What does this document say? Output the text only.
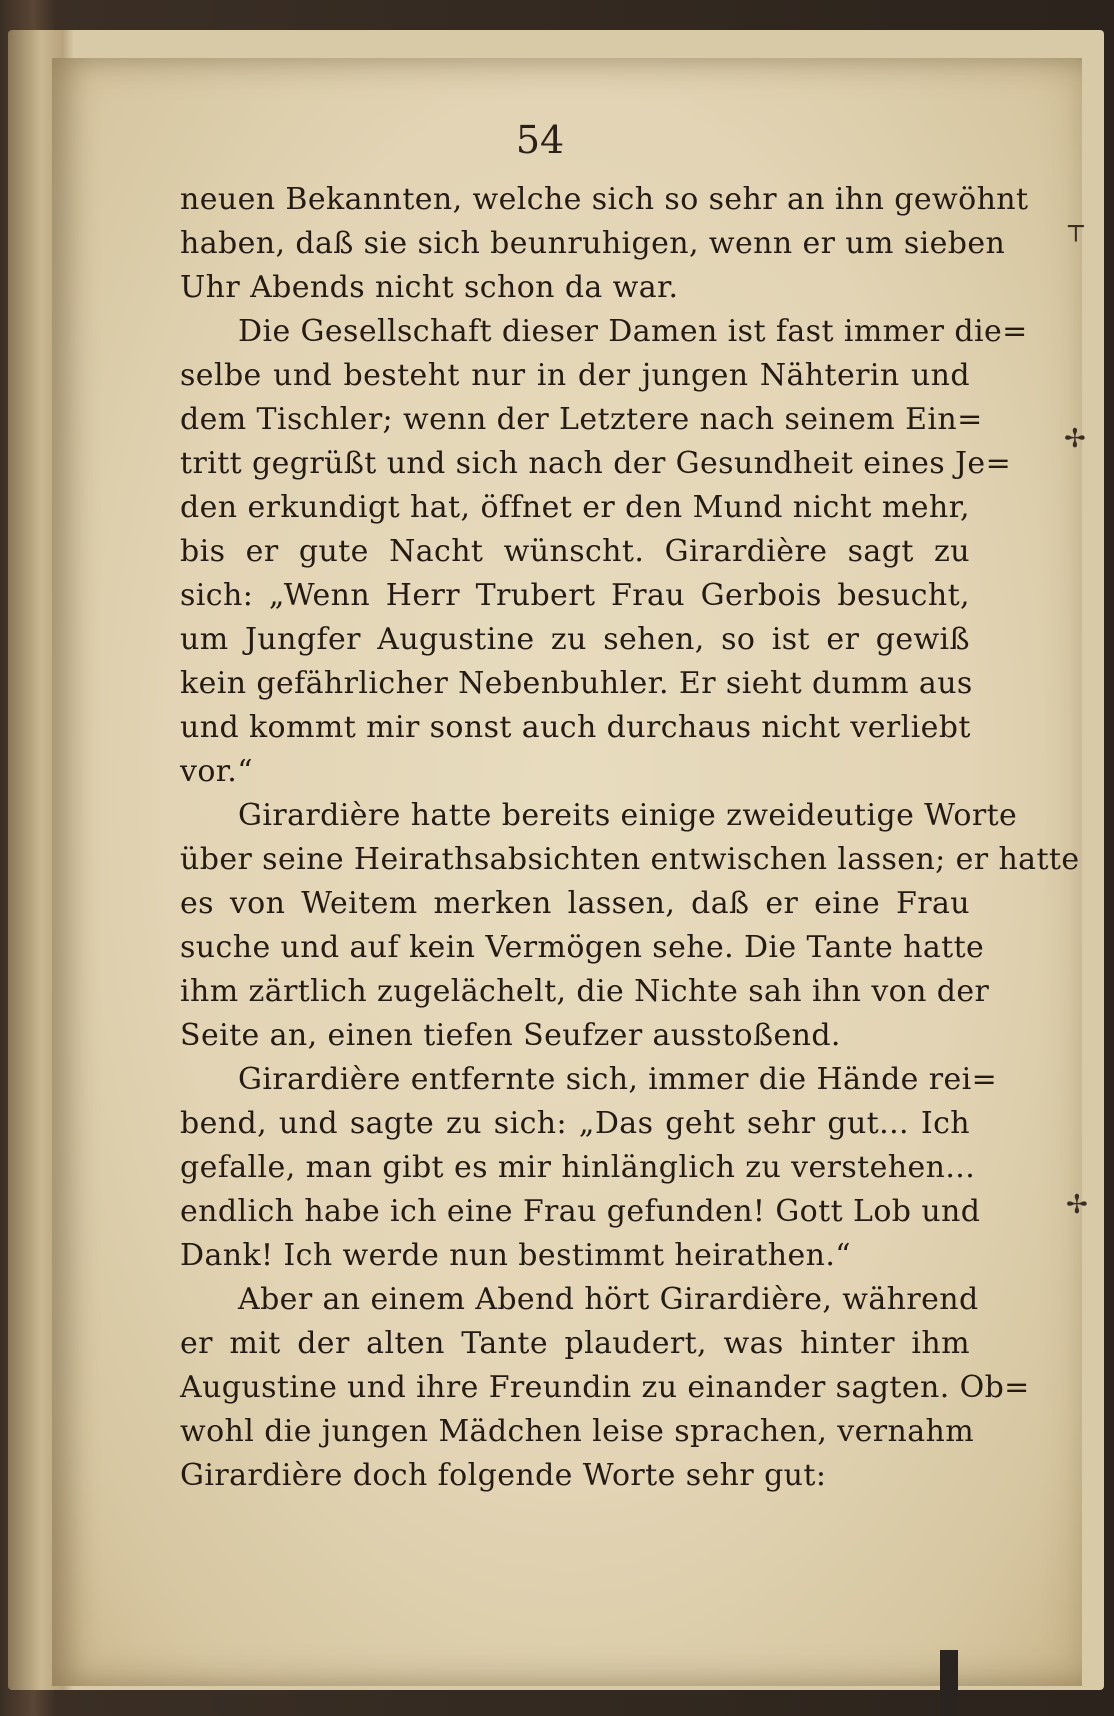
54
neuen Bekannten, welche sich so sehr an ihn gewöhnt
haben, daß sie sich beunruhigen, wenn er um sieben
Uhr Abends nicht schon da war.
Die Gesellschaft dieser Damen ist fast immer die=
selbe und besteht nur in der jungen Nähterin und
dem Tischler; wenn der Letztere nach seinem Ein=
tritt gegrüßt und sich nach der Gesundheit eines Je=
den erkundigt hat, öffnet er den Mund nicht mehr,
bis er gute Nacht wünscht. Girardière sagt zu
sich: „Wenn Herr Trubert Frau Gerbois besucht,
um Jungfer Augustine zu sehen, so ist er gewiß
kein gefährlicher Nebenbuhler. Er sieht dumm aus
und kommt mir sonst auch durchaus nicht verliebt
vor.“
Girardière hatte bereits einige zweideutige Worte
über seine Heirathsabsichten entwischen lassen; er hatte
es von Weitem merken lassen, daß er eine Frau
suche und auf kein Vermögen sehe. Die Tante hatte
ihm zärtlich zugelächelt, die Nichte sah ihn von der
Seite an, einen tiefen Seufzer ausstoßend.
Girardière entfernte sich, immer die Hände rei=
bend, und sagte zu sich: „Das geht sehr gut... Ich
gefalle, man gibt es mir hinlänglich zu verstehen...
endlich habe ich eine Frau gefunden! Gott Lob und
Dank! Ich werde nun bestimmt heirathen.“
Aber an einem Abend hört Girardière, während
er mit der alten Tante plaudert, was hinter ihm
Augustine und ihre Freundin zu einander sagten. Ob=
wohl die jungen Mädchen leise sprachen, vernahm
Girardière doch folgende Worte sehr gut:
┬
✢
✢
